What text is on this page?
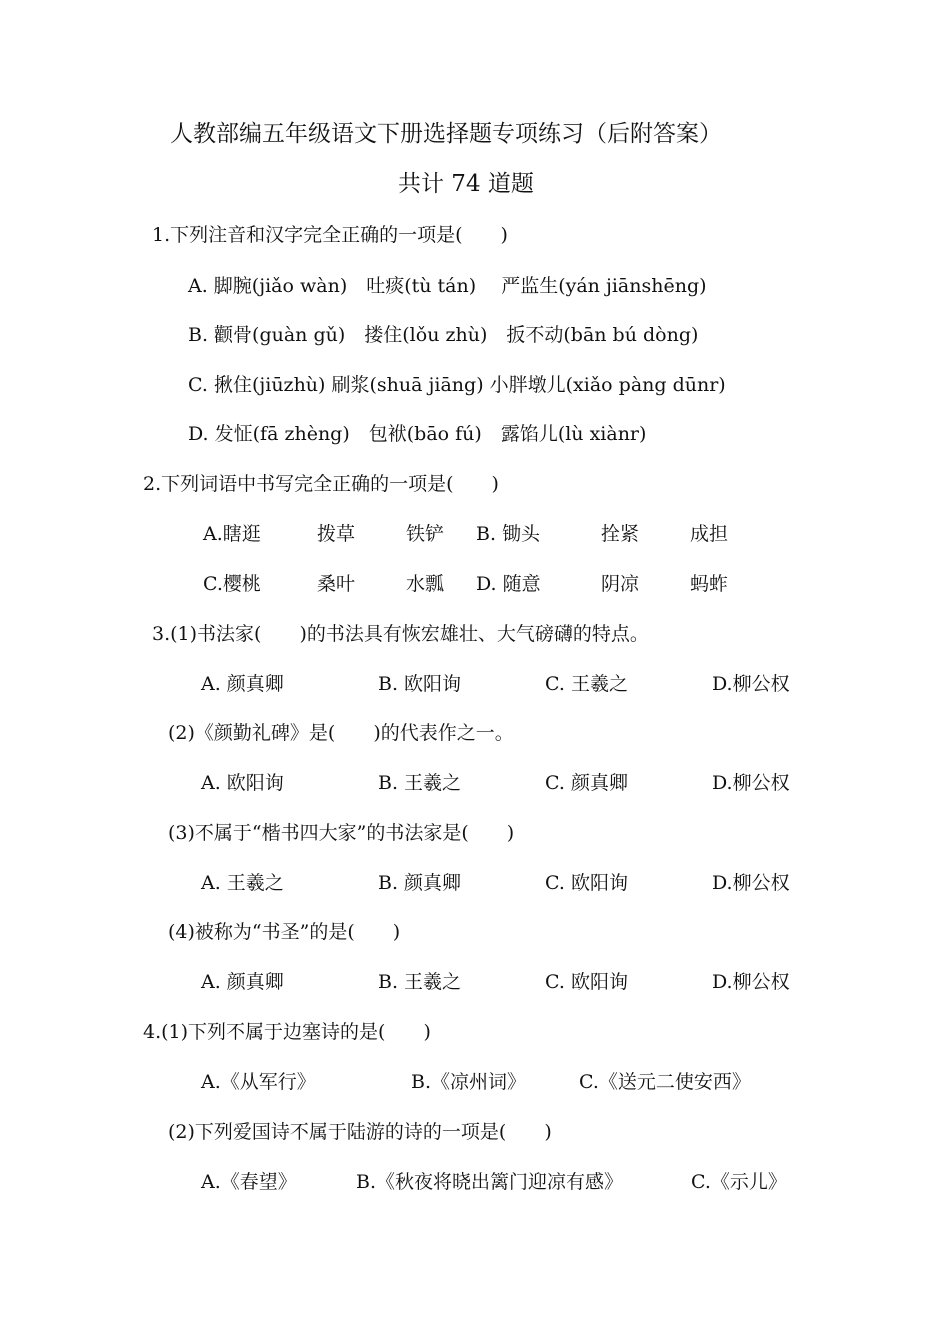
人教部编五年级语文下册选择题专项练习（后附答案）
共计 74 道题
1.下列注音和汉字完全正确的一项是(　　)
A. 脚腕(jiǎo wàn)　吐痰(tù tán)　 严监生(yán jiānshēng)
B. 颧骨(guàn gǔ)　搂住(lǒu zhù)　扳不动(bān bú dòng)
C. 揪住(jiūzhù) 刷浆(shuā jiāng) 小胖墩儿(xiǎo pàng dūnr)
D. 发怔(fā zhèng)　包袱(bāo fú)　露馅儿(lù xiànr)
2.下列词语中书写完全正确的一项是(　　)
A.瞎逛	拨草	铁铲	B. 锄头	拴紧	成担
C.樱桃	桑叶	水瓢	D. 随意	阴凉	蚂蚱
3.(1)书法家(　　)的书法具有恢宏雄壮、大气磅礴的特点。
A. 颜真卿	B. 欧阳询	C. 王羲之	D.柳公权
(2)《颜勤礼碑》是(　　)的代表作之一。
A. 欧阳询	B. 王羲之	C. 颜真卿	D.柳公权
(3)不属于“楷书四大家”的书法家是(　　)
A. 王羲之	B. 颜真卿	C. 欧阳询	D.柳公权
(4)被称为“书圣”的是(　　)
A. 颜真卿	B. 王羲之	C. 欧阳询	D.柳公权
4.(1)下列不属于边塞诗的是(　　)
A.《从军行》	B.《凉州词》	C.《送元二使安西》
(2)下列爱国诗不属于陆游的诗的一项是(　　)
A.《春望》	B.《秋夜将晓出篱门迎凉有感》	C.《示儿》
